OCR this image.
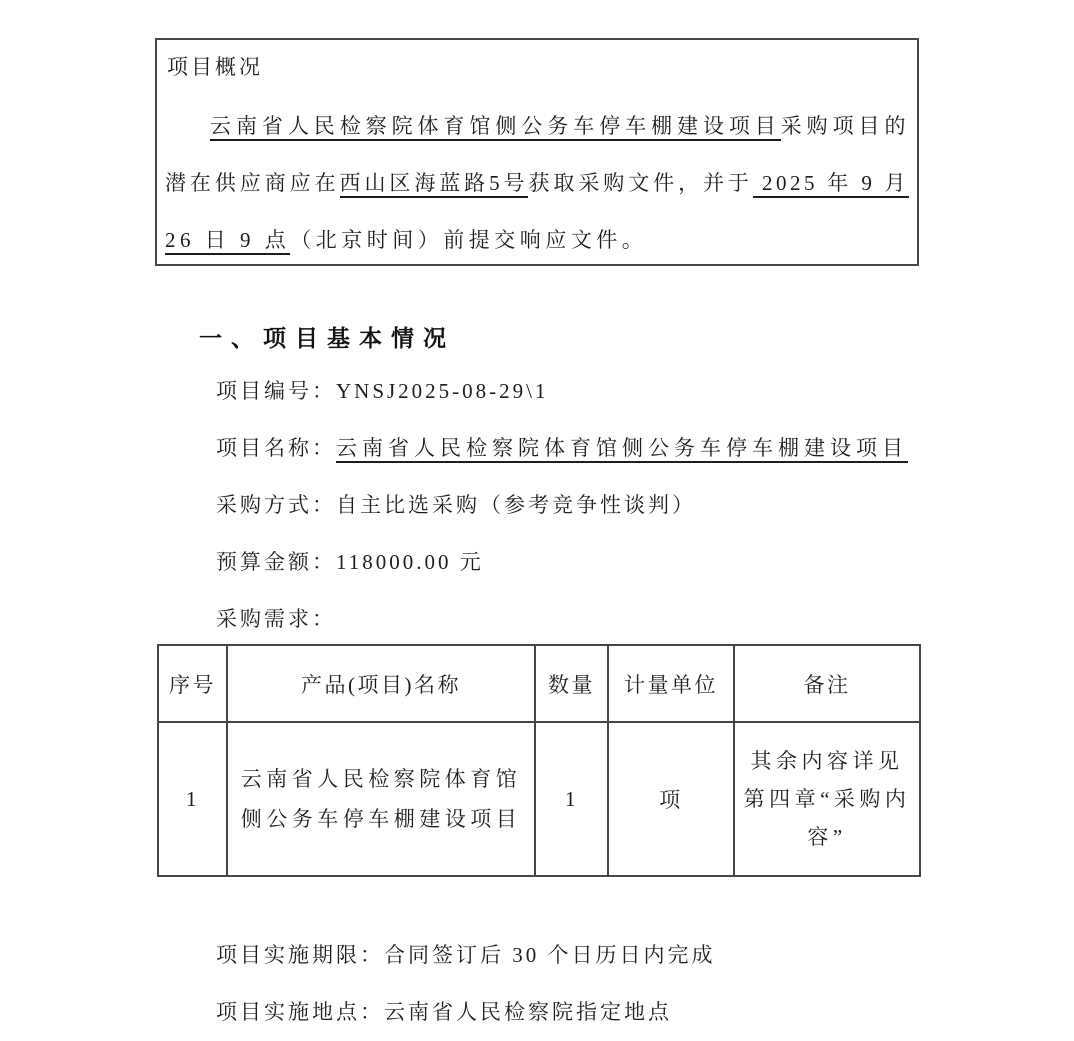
项目概况
云南省人民检察院体育馆侧公务车停车棚建设项目采购项目的
潜在供应商应在西山区海蓝路5号获取采购文件，并于 2025 年 9 月
26 日 9 点（北京时间）前提交响应文件。
一、项目基本情况
项目编号：YNSJ2025-08-29\1
项目名称：云南省人民检察院体育馆侧公务车停车棚建设项目
采购方式：自主比选采购（参考竞争性谈判）
预算金额：118000.00 元
采购需求：
序号	产品(项目)名称	数量	计量单位	备注
1	云南省人民检察院体育馆侧公务车停车棚建设项目	1	项	其余内容详见第四章“采购内容”
项目实施期限：合同签订后 30 个日历日内完成
项目实施地点：云南省人民检察院指定地点
